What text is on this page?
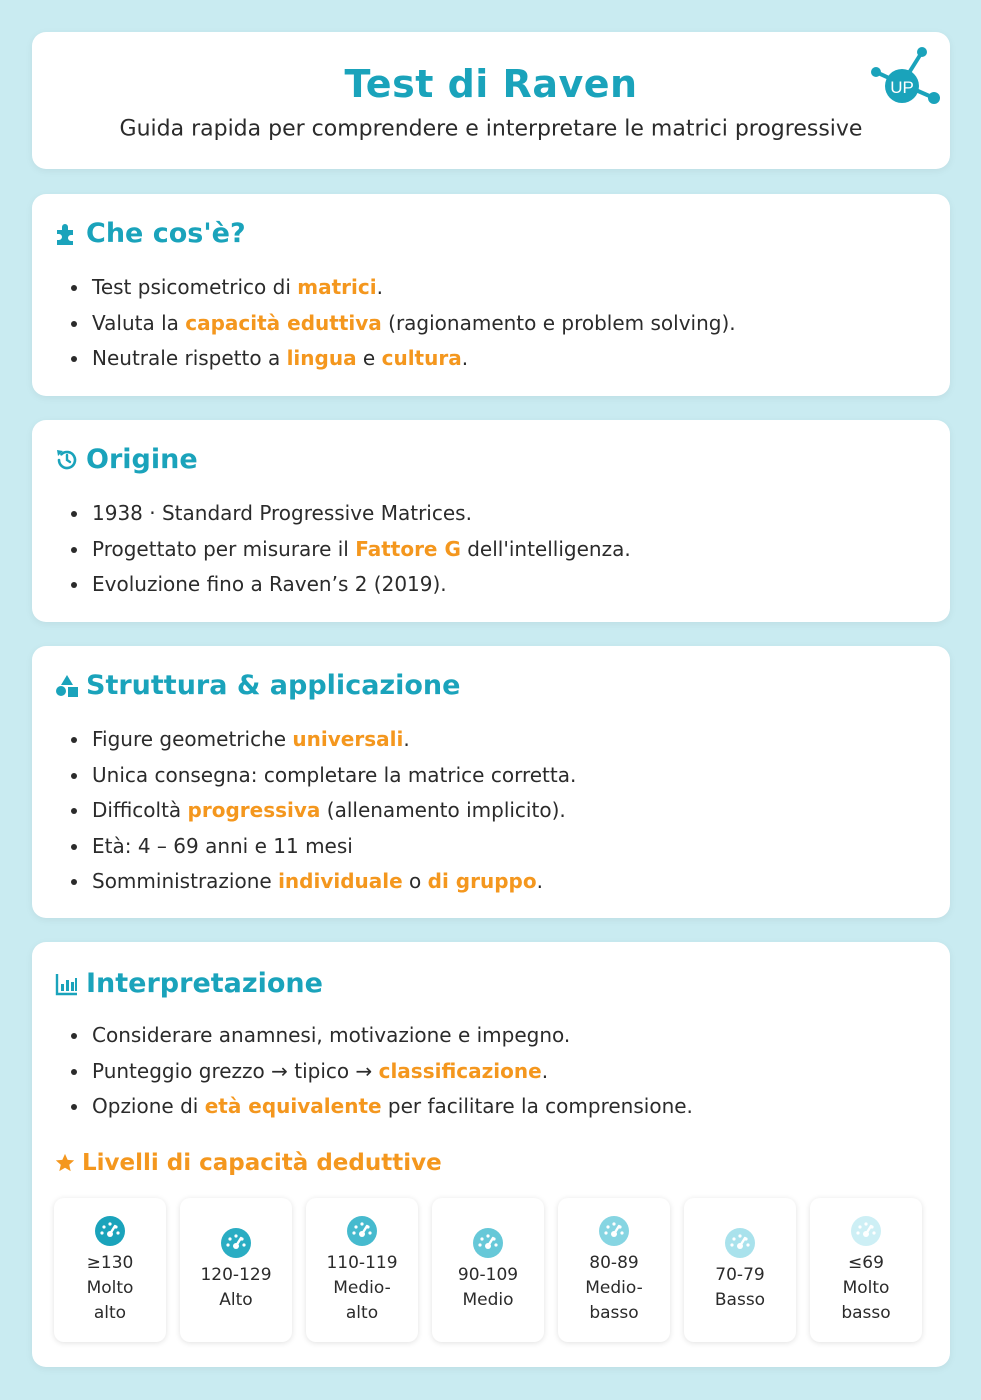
Test di Raven
Guida rapida per comprendere e interpretare le matrici progressive
UP
Che cos'è?
Test psicometrico di matrici.
Valuta la capacità eduttiva (ragionamento e problem solving).
Neutrale rispetto a lingua e cultura.
Origine
1938 · Standard Progressive Matrices.
Progettato per misurare il Fattore G dell'intelligenza.
Evoluzione fino a Raven’s 2 (2019).
Struttura & applicazione
Figure geometriche universali.
Unica consegna: completare la matrice corretta.
Difficoltà progressiva (allenamento implicito).
Età: 4 – 69 anni e 11 mesi
Somministrazione individuale o di gruppo.
Interpretazione
Considerare anamnesi, motivazione e impegno.
Punteggio grezzo → tipico → classificazione.
Opzione di età equivalente per facilitare la comprensione.
Livelli di capacità deduttive
≥130
Molto
alto
120-129
Alto
110-119
Medio-
alto
90-109
Medio
80-89
Medio-
basso
70-79
Basso
≤69
Molto
basso
